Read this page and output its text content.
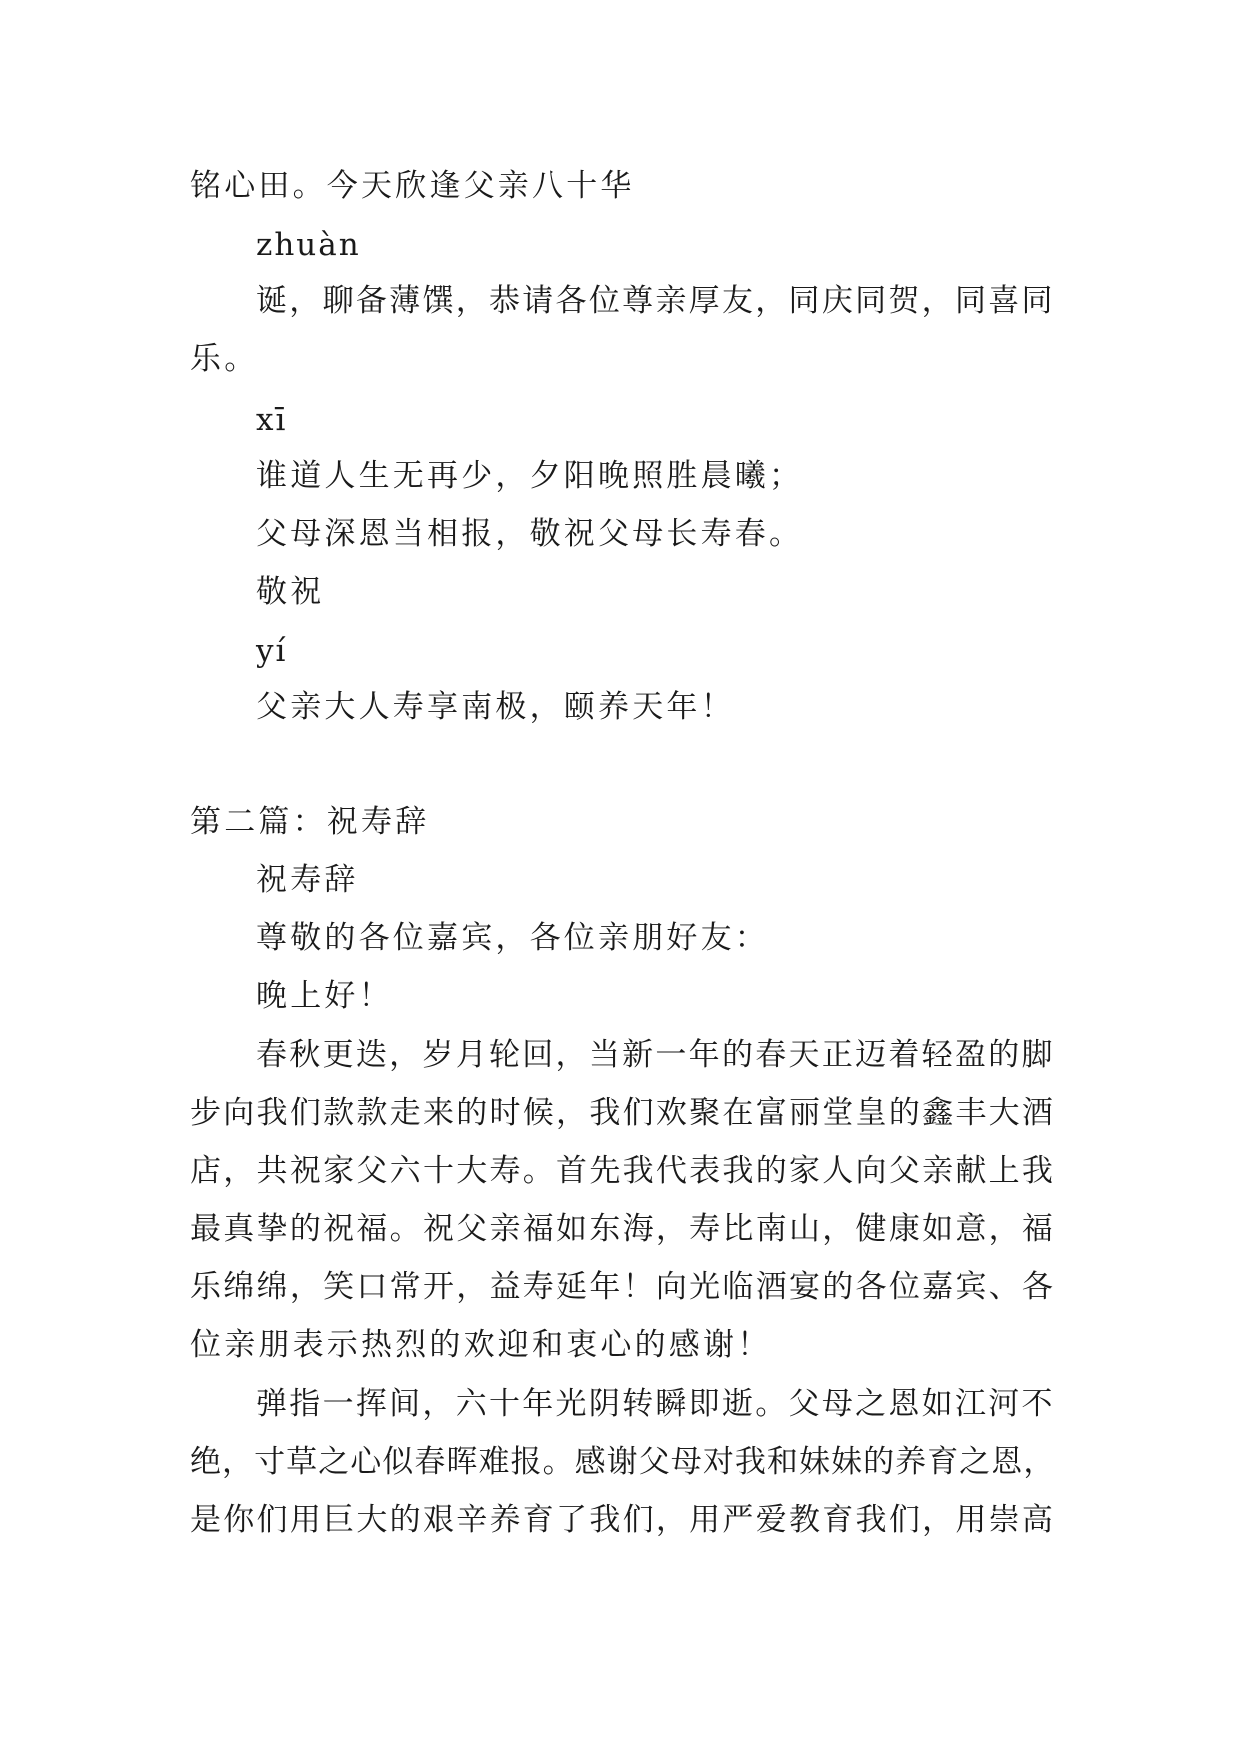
铭心田。今天欣逢父亲八十华
zhuàn
诞，聊备薄馔，恭请各位尊亲厚友，同庆同贺，同喜同
乐。
xī
谁道人生无再少，夕阳晚照胜晨曦；
父母深恩当相报，敬祝父母长寿春。
敬祝
yí
父亲大人寿享南极，颐养天年！
第二篇：祝寿辞
祝寿辞
尊敬的各位嘉宾，各位亲朋好友：
晚上好！
春秋更迭，岁月轮回，当新一年的春天正迈着轻盈的脚
步向我们款款走来的时候，我们欢聚在富丽堂皇的鑫丰大酒
店，共祝家父六十大寿。首先我代表我的家人向父亲献上我
最真挚的祝福。祝父亲福如东海，寿比南山，健康如意，福
乐绵绵，笑口常开，益寿延年！向光临酒宴的各位嘉宾、各
位亲朋表示热烈的欢迎和衷心的感谢！
弹指一挥间，六十年光阴转瞬即逝。父母之恩如江河不
绝，寸草之心似春晖难报。感谢父母对我和妹妹的养育之恩，
是你们用巨大的艰辛养育了我们，用严爱教育我们，用崇高
